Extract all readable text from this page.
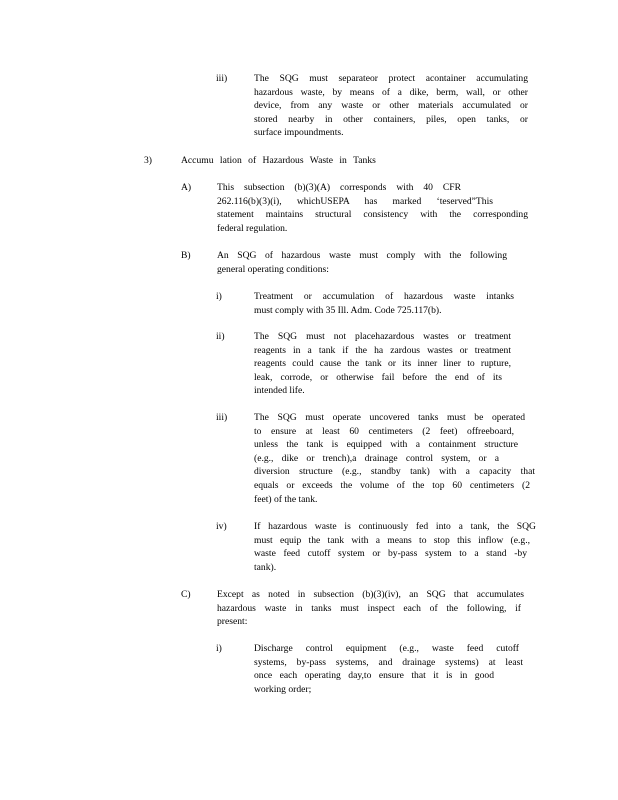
iii)	The SQG must separateor protect acontainer accumulating
hazardous waste, by means of a dike, berm, wall, or other
device, from any waste or other materials accumulated or
stored nearby in other containers, piles, open tanks, or
surface impoundments.
3)	Accumu lation of Hazardous Waste in Tanks
A)	This subsection (b)(3)(A) corresponds with 40 CFR
262.116(b)(3)(i), whichUSEPA has marked ‘teserved”This
statement maintains structural consistency with the corresponding
federal regulation.
B)	An SQG of hazardous waste must comply with the following
general operating conditions:
i)	Treatment or accumulation of hazardous waste intanks
must comply with 35 Ill. Adm. Code 725.117(b).
ii)	The SQG must not placehazardous wastes or treatment
reagents in a tank if the ha zardous wastes or treatment
reagents could cause the tank or its inner liner to rupture,
leak, corrode, or otherwise fail before the end of its
intended life.
iii)	The SQG must operate uncovered tanks must be operated
to ensure at least 60 centimeters (2 feet) offreeboard,
unless the tank is equipped with a containment structure
(e.g., dike or trench),a drainage control system, or a
diversion structure (e.g., standby tank) with a capacity that
equals or exceeds the volume of the top 60 centimeters (2
feet) of the tank.
iv)	If hazardous waste is continuously fed into a tank, the SQG
must equip the tank with a means to stop this inflow (e.g.,
waste feed cutoff system or by-pass system to a stand -by
tank).
C)	Except as noted in subsection (b)(3)(iv), an SQG that accumulates
hazardous waste in tanks must inspect each of the following, if
present:
i)	Discharge control equipment (e.g., waste feed cutoff
systems, by-pass systems, and drainage systems) at least
once each operating day,to ensure that it is in good
working order;
